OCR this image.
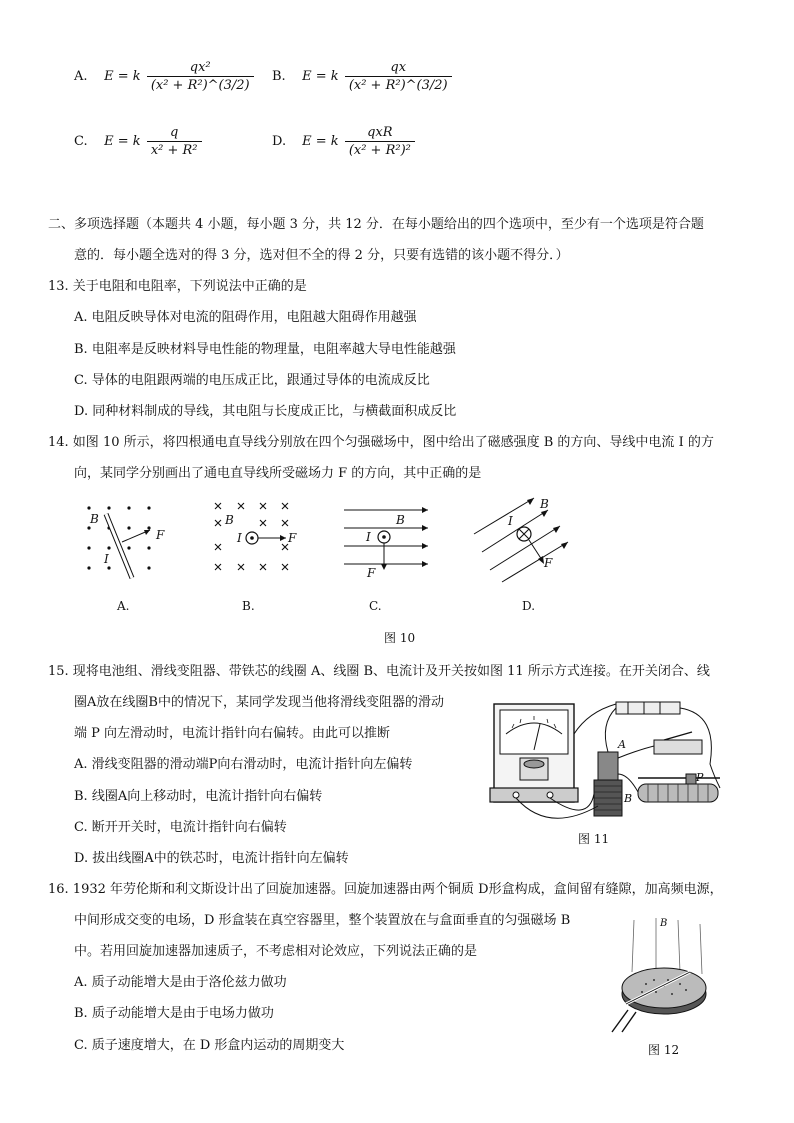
A. E = k $\frac{\text{qx²}}{\text{(x² + R²)\textasciicircum{}(3/2)}} B$. E = k $\frac{qx}{\text{(x² + R²)\textasciicircum{}(3/2)}}$
C. E = k $\frac{q}{\text{x² + R²}}$	D. E = k $\frac{\text{qxR}}{\text{(x² + R²)²}}$
二、多项选择题（本题共 4 小题，每小题 3 分，共 12 分．在每小题给出的四个选项中，至少有一个选项是符合题
意的．每小题全选对的得 3 分，选对但不全的得 2 分，只要有选错的该小题不得分．）
13. 关于电阻和电阻率，下列说法中正确的是
A. 电阻反映导体对电流的阻碍作用，电阻越大阻碍作用越强
B. 电阻率是反映材料导电性能的物理量，电阻率越大导电性能越强
C. 导体的电阻跟两端的电压成正比，跟通过导体的电流成反比
D. 同种材料制成的导线，其电阻与长度成正比，与横截面积成反比
14. 如图 10 所示，将四根通电直导线分别放在四个匀强磁场中，图中给出了磁感强度 B 的方向、导线中电流 I 的方
向，某同学分别画出了通电直导线所受磁场力 F 的方向，其中正确的是
B
I
F
B
I	F
B
I
F
B
I
F
A.	B.	C.	D.
图 10
15. 现将电池组、滑线变阻器、带铁芯的线圈 A、线圈 B、电流计及开关按如图 11 所示方式连接。在开关闭合、线
圈A放在线圈B中的情况下，某同学发现当他将滑线变阻器的滑动
端 P 向左滑动时，电流计指针向右偏转。由此可以推断
A. 滑线变阻器的滑动端P向右滑动时，电流计指针向左偏转
B. 线圈A向上移动时，电流计指针向右偏转
C. 断开开关时，电流计指针向右偏转
D. 拔出线圈A中的铁芯时，电流计指针向左偏转
A
B
P
图 11
16. 1932 年劳伦斯和利文斯设计出了回旋加速器。回旋加速器由两个铜质 D形盒构成，盒间留有缝隙，加高频电源，
中间形成交变的电场，D 形盒装在真空容器里，整个装置放在与盒面垂直的匀强磁场 B
中。若用回旋加速器加速质子，不考虑相对论效应，下列说法正确的是
A. 质子动能增大是由于洛伦兹力做功
B. 质子动能增大是由于电场力做功
C. 质子速度增大，在 D 形盒内运动的周期变大
B
图 12
